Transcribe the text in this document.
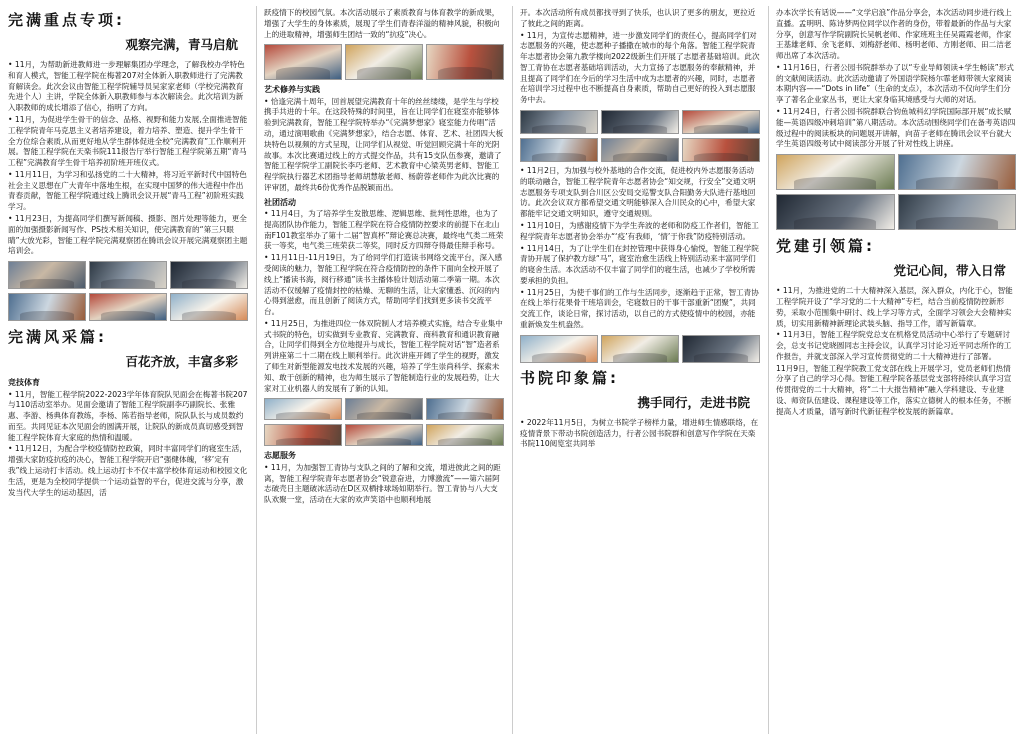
完满重点专项:
观察完满，青马启航

• 11月，为帮助新进教师进一步理解集团办学理念，了解我校办学特色和育人模式，智能工程学院在梅著207对全体新入职教师进行了完满教育解读会。此次会议由智能工程学院辅导员吴家家老师（学校完满教育先进个人）主讲，学院全体新入职教师参与本次解读会。此次培训为新入职教师的成长增添了信心，指明了方向。

• 11月，为促进学生骨干的信念、品格、视野和能力发展,全面推进智能工程学院青年马克思主义者培养建设，着力培养、塑造、提升学生骨干全方位综合素质,从而更好地从学生群体促进全校“完满教育”工作顺利开展。智能工程学院在天楽书院111报告厅举行智能工程学院第五期“青马工程”完满教育学生骨干培养初阶班开班仪式。

• 11月11日，为学习和弘扬党的二十大精神，将习近平新时代中国特色社会主义思想在广大青年中落地生根，在实现中国梦的伟大进程中作出青春贡献，智能工程学院通过线上腾讯会议开展“青马工程”初阶班实践学习。

• 11月23日，为提高同学们撰写新闻稿、摄影、图片处理等能力，更全面的加强摄影新闻写作、PS技术相关知识，使完满教育的“第三只眼睛”大放光彩，智能工程学院完满观察团在腾讯会议开展完满观察团主题培训会。

完满风采篇:
百花齐放，丰富多彩
竞技体育

• 11月，智能工程学院2022-2023学年体育院队见面会在梅著书院207与110活动室举办。见面会邀请了智能工程学院副李巧副院长、张雅惠、李游、杨典体育教练，李杨、陈若指导老师，院队队长与成员数约而至。共同见证本次见面会的圆满开展，让院队的新成员真切感受到智能工程学院体育大家庭的热情和温暖。

• 11月12日，为配合学校疫情防控政策，同时丰富同学们的寝室生活，增强大家防疫抗疫的决心，智能工程学院开启“强健体魄，‘移’定有我”线上运动打卡活动。线上运动打卡不仅丰富学校体育运动和校园文化生活，更是为全校同学提供一个运动益智的平台，促进交流与分享，激发当代大学生的运动基因，活

跃疫情下的校园气氛。本次活动展示了素质教育与体育教学的新成果，增强了大学生的身体素质，展现了学生们青春洋溢的精神风貌，积极向上的进取精神，增强师生团结一致的“抗疫”决心。

艺术修养与实践

• 恰逢完满十周年，回首展望完满教育十年的丝丝缕缕，是学生与学校携手共进的十年。在这段特殊的时间里，旨在让同学们在寝室亦能够体验到完满教育，智能工程学院特举办“《完满梦想家》寝室能力传唱”活动，通过演唱歌曲《完满梦想家》，结合志愿、体育、艺术、社团四大板块特色以视频的方式呈现，让同学们从视觉、听觉回顾完满十年的光阴故事。本次比赛通过线上的方式提交作品，共有15支队伍参赛，邀请了智能工程学院学工副院长李巧老师、艺术教育中心梁英男老师、智能工程学院执行器艺术团指导老师胡慧敏老师、杨蔚蓉老师作为此次比赛的评审团，最终共6份优秀作品脱颖而出。

社团活动

• 11月4日，为了培养学生发散思维、逻辑思维、批判性思维，也为了提高团队协作能力，智能工程学院在符合疫情防控要求的前提下在北山南F101教室举办了第十二届“智真杯”辩论赛总决赛，最终电气类二班荣获一等奖，电气类三班荣获二等奖，同时反方四辩夺得最佳辩手称号。

• 11月11日-11月19日，为了给同学们打造读书网络交流平台，深入感受阅读的魅力，智能工程学院在符合疫情防控的条件下面向全校开展了线上“播读书海，阅行移通”读书主播体验计划活动第二季第一期。本次活动不仅缓解了疫情封控的枯燥、无聊的生活，让大家懂悉、沉闷的内心得到滋愈，而且创新了阅读方式，帮助同学们找到更多读书交流平台。

• 11月25日，为推进四位一体双院制人才培养模式实施，结合专业集中式书院的特色，切实做到专业教育、完满教育、商科教育和通识教育融合，让同学们得到全方位地提升与成长，智能工程学院对话“智”造者系列讲座第二十二期在线上顺利举行。此次讲座开阔了学生的视野，激发了师生对新型能源发电技术发展的兴趣，培养了学生崇尚科学、探索未知、敢于创新的精神，也为师生展示了智能制造行业的发展趋势，让大家对工业机器人的发展有了新的认知。

志愿服务

• 11月，为加强智工青协与支队之间的了解和交流，增进彼此之间的距离，智能工程学院青年志愿者协会“锐意奋进，力博激流”——第六届阿志破壳日主题破冰活动在D区双栖排球场如期举行。智工青协与八大支队欢聚一堂，活动在大家的欢声笑语中也顺利地展

开。本次活动所有成员都找寻到了快乐，也认识了更多的朋友，更拉近了彼此之间的距离。

• 11月，为宣传志愿精神，进一步激发同学们的责任心，提高同学们对志愿服务的兴趣，使志愿种子播撒在城市的每个角落。智能工程学院青年志愿者协会第九教学楼向2022级新生们开展了志愿者基础培训。此次智工青协在志愿者基础培训活动，大力宣扬了志愿服务的奉献精神，并且提高了同学们在今后的学习生活中成为志愿者的兴趣，同时，志愿者在培训学习过程中也不断提高自身素质，帮助自己更好的投入到志愿服务中去。

• 11月2日，为加强与校外基地的合作交流，促进校内外志愿服务活动的联动融合，智能工程学院青年志愿者协会“知交规，行安全”交通文明志愿服务专项支队到合川区公安局交巡警支队合阳勤务大队进行基地回访。此次会议双方都希望交通文明能够深入合川民众的心中，希望大家都能牢记交通文明知识，遵守交通规则。

• 11月10日，为感谢疫情下为学生奔波的老师和防疫工作者们，智能工程学院青年志愿者协会举办“‘疫’有我师，‘情’于你我”防疫特别活动。

• 11月14日，为了让学生们在封控管理中获得身心愉悦，智能工程学院青协开展了保护教方绿“马”，寝室治愈生活线上特别活动来丰富同学们的寝舍生活。本次活动不仅丰富了同学们的寝生活，也减少了学校所需要承担的负担。

• 11月25日，为使千事们的工作与生活同步，逐渐趋于正常，智工青协在线上举行花果骨干班培训会，宅寝数日的干事干部重新“团聚”，共同交流工作，谈论日常，探讨活动，以自己的方式使疫情中的校园，亦能重新焕发生机盎然。

书院印象篇:
携手同行，走进书院

• 2022年11月5日，为树立书院学子榜样力量，增进师生情感联络，在疫情背景下带动书院创造活力，行者公园书院群和创意写作学院在天楽书院110阅览室共同举

办本次学长有话说——“文学启浪”作品分享会，本次活动同步进行线上直播。孟明明、陈诗梦两位同学以作者的身份，带着最新的作品与大家分享，创意写作学院副院长吴帆老师、作家班班主任吴霞霞老师，作家王基雄老师、余飞老师、刘梅舒老师、杨明老师、方刚老师、田二洁老师出席了本次活动。

• 11月16日，行者公园书院群举办了以“专业导师领读+学生畅读”形式的文献阅读活动。此次活动邀请了外国语学院杨尔霏老师带领大家阅读本期内容——“Dots in life”（生命的支点），本次活动不仅向学生们分享了著名企业家丛书，更让大家身临其境感受与大师的对话。

• 11月24日，行者公园书院群联合钧鱼城科幻学院国际部开展“成长赋能—英语四级冲刺培训”第八期活动。本次活动围绕同学们在备考英语四级过程中的阅读板块的问题展开讲解，向苗子老师在腾讯会议平台就大学生英语四级考试中阅读部分开展了针对性线上讲座。

党建引领篇:
党记心间，带入日常

• 11月，为推进党的二十大精神深入基层，深入群众，内化于心，智能工程学院开设了“学习党的二十大精神”专栏，结合当前疫情防控新形势，采取小范围集中研讨、线上学习等方式，全面学习领会大会精神实质，切实用新精神新理论武装头脑、指导工作，谱写新篇章。

• 11月3日，智能工程学院党总支在机格党员活动中心举行了专题研讨会，总支书记党晓圆同志主持会议，认真学习讨论习近平同志所作的工作报告，并就支部深入学习宣传贯彻党的二十大精神进行了部署。

11月9日，智能工程学院教工党支部在线上开展学习，党员老师们热情分享了自己的学习心得。智能工程学院各基层党支部将持续认真学习宣传贯彻党的二十大精神，将“二十大报告精神”融入学科建设、专业建设、师资队伍建设、课程建设等工作，落实立德树人的根本任务，不断提高人才质量，谱写新时代新征程学校发展的新篇章。
